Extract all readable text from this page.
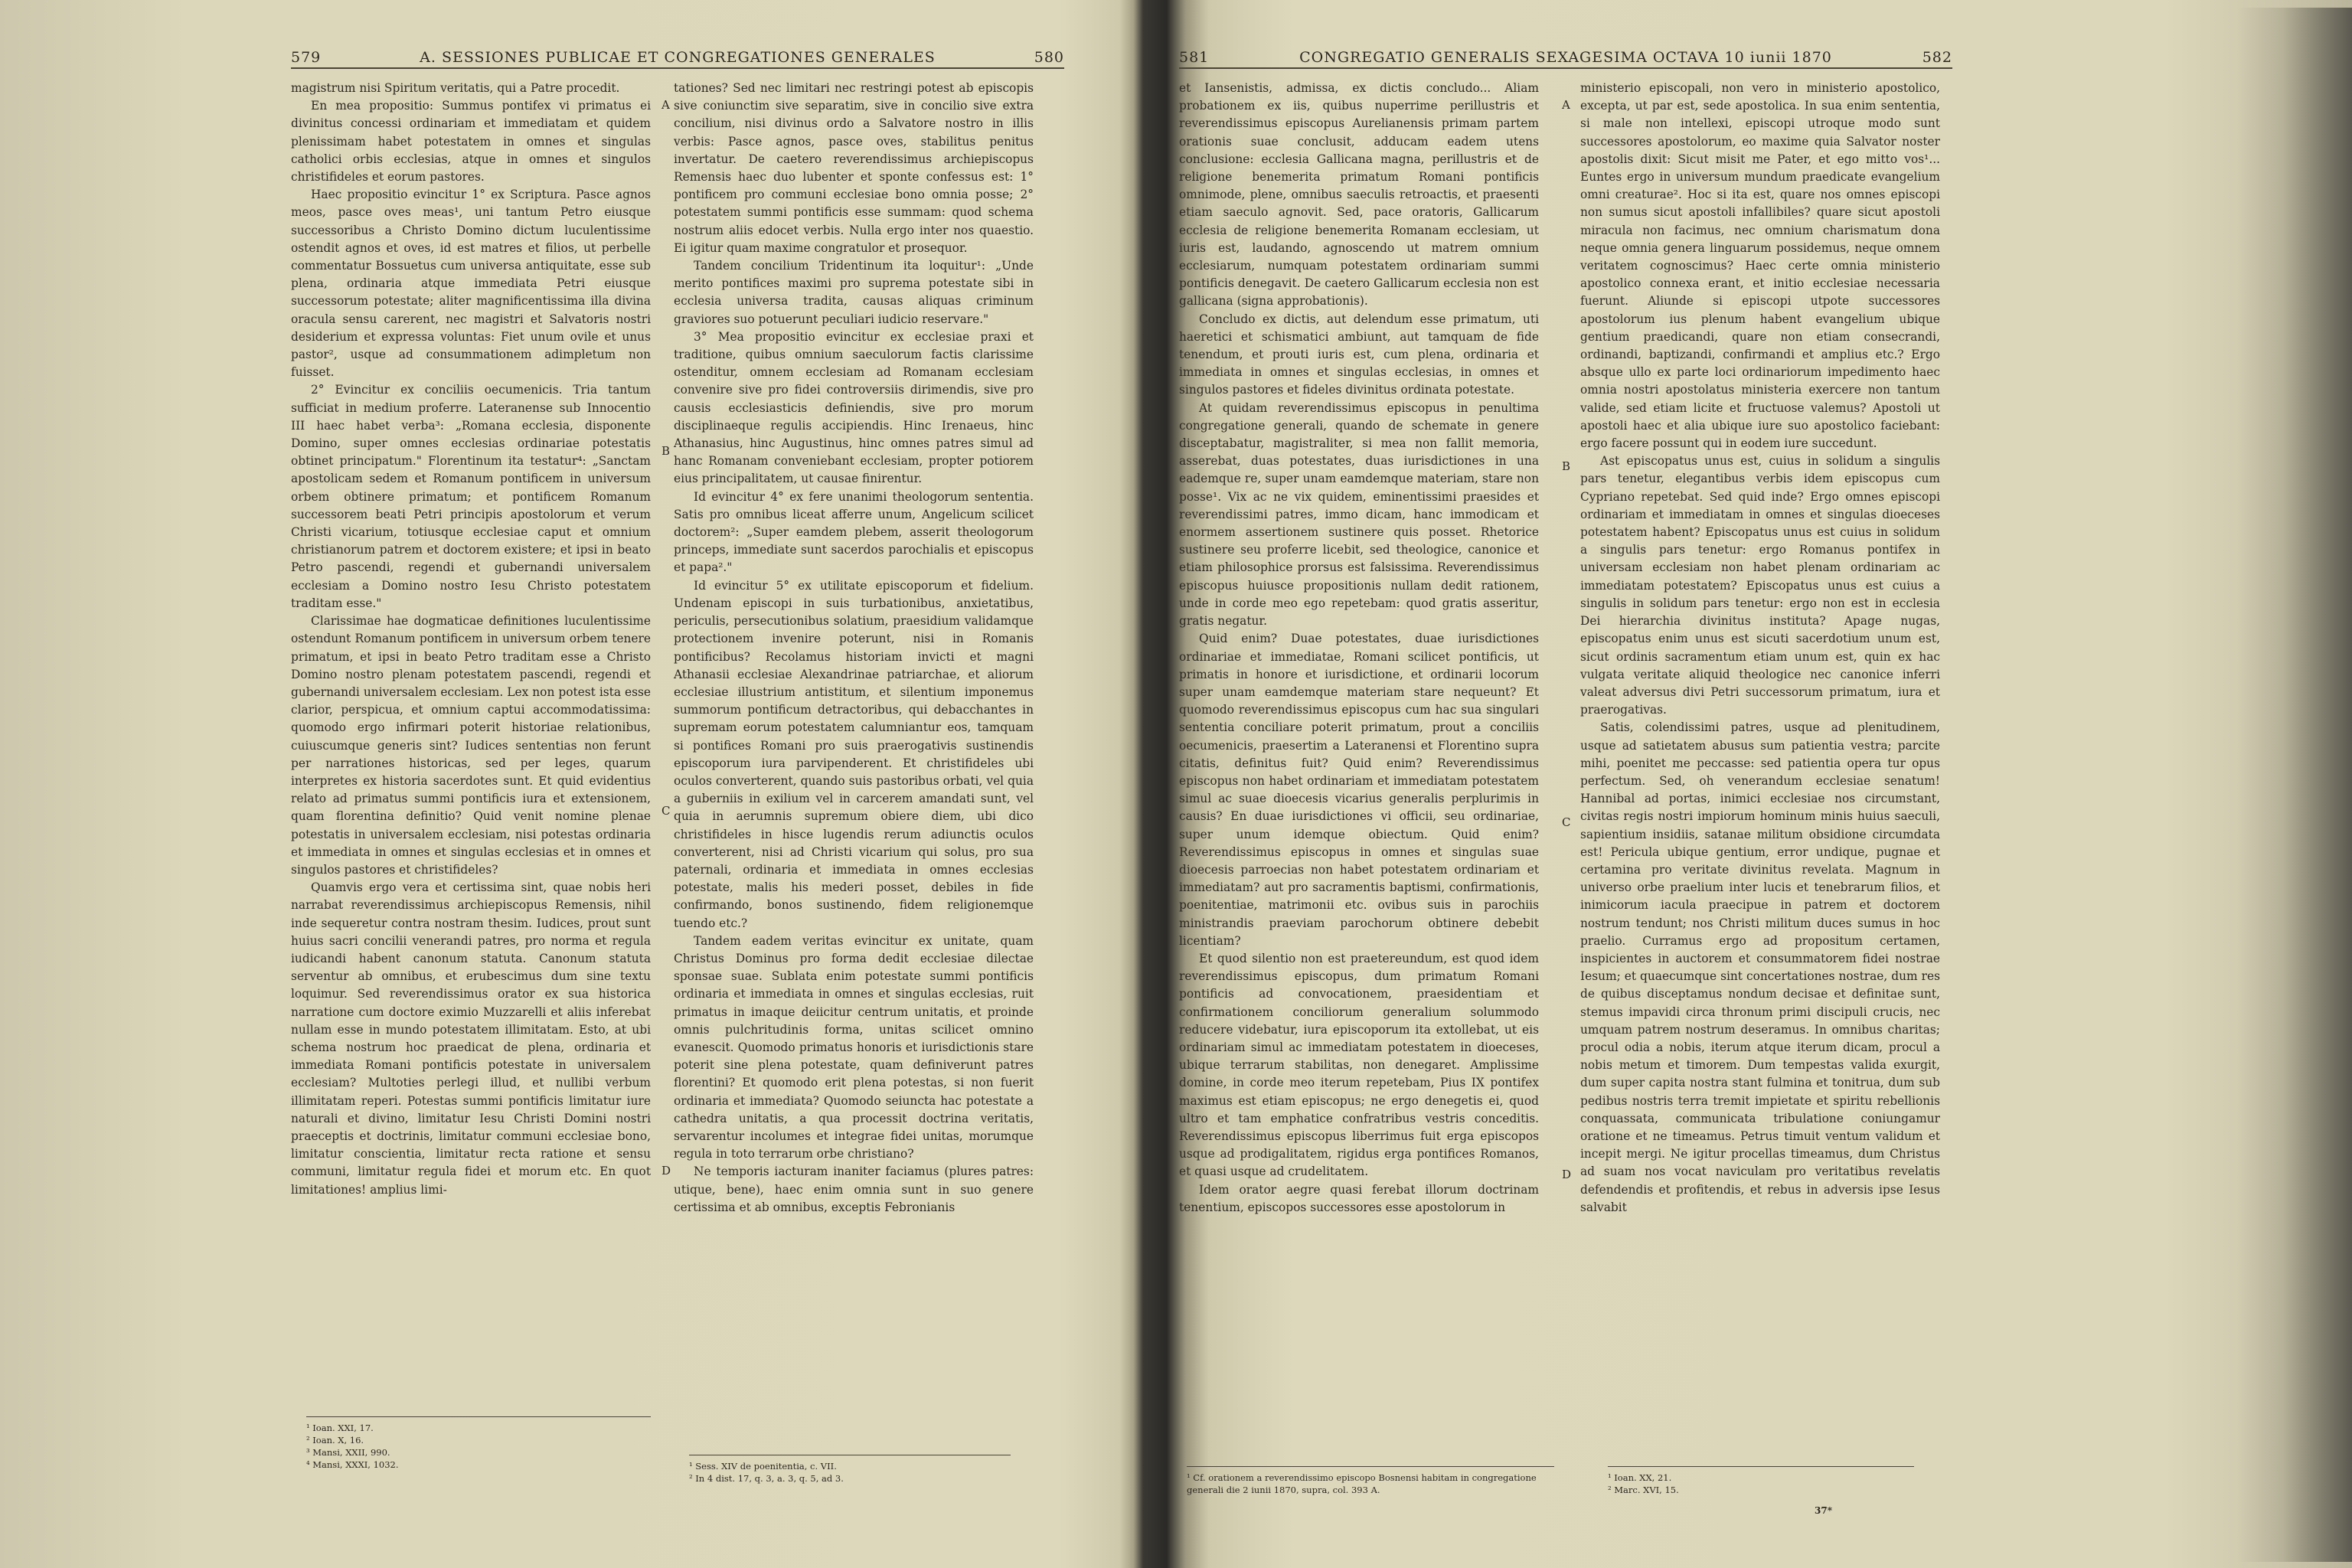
579	A. SESSIONES PUBLICAE ET CONGREGATIONES GENERALES	580

magistrum nisi Spiritum veritatis, qui a Patre procedit.

En mea propositio: Summus pontifex vi primatus ei divinitus concessi ordinariam et immediatam et quidem plenissimam habet potestatem in omnes et singulas catholici orbis ecclesias, atque in omnes et singulos christifideles et eorum pastores.

Haec propositio evincitur 1° ex Scriptura. Pasce agnos meos, pasce oves meas¹, uni tantum Petro eiusque successoribus a Christo Domino dictum luculentissime ostendit agnos et oves, id est matres et filios, ut perbelle commentatur Bossuetus cum universa antiquitate, esse sub plena, ordinaria atque immediata Petri eiusque successorum potestate; aliter magnificentissima illa divina oracula sensu carerent, nec magistri et Salvatoris nostri desiderium et expressa voluntas: Fiet unum ovile et unus pastor², usque ad consummationem adimpletum non fuisset.

2° Evincitur ex conciliis oecumenicis. Tria tantum sufficiat in medium proferre. Lateranense sub Innocentio III haec habet verba³: „Romana ecclesia, disponente Domino, super omnes ecclesias ordinariae potestatis obtinet principatum." Florentinum ita testatur⁴: „Sanctam apostolicam sedem et Romanum pontificem in universum orbem obtinere primatum; et pontificem Romanum successorem beati Petri principis apostolorum et verum Christi vicarium, totiusque ecclesiae caput et omnium christianorum patrem et doctorem existere; et ipsi in beato Petro pascendi, regendi et gubernandi universalem ecclesiam a Domino nostro Iesu Christo potestatem traditam esse."

Clarissimae hae dogmaticae definitiones luculentissime ostendunt Romanum pontificem in universum orbem tenere primatum, et ipsi in beato Petro traditam esse a Christo Domino nostro plenam potestatem pascendi, regendi et gubernandi universalem ecclesiam. Lex non potest ista esse clarior, perspicua, et omnium captui accommodatissima: quomodo ergo infirmari poterit historiae relationibus, cuiuscumque generis sint? Iudices sententias non ferunt per narrationes historicas, sed per leges, quarum interpretes ex historia sacerdotes sunt. Et quid evidentius relato ad primatus summi pontificis iura et extensionem, quam florentina definitio? Quid venit nomine plenae potestatis in universalem ecclesiam, nisi potestas ordinaria et immediata in omnes et singulas ecclesias et in omnes et singulos pastores et christifideles?

Quamvis ergo vera et certissima sint, quae nobis heri narrabat reverendissimus archiepiscopus Remensis, nihil inde sequeretur contra nostram thesim. Iudices, prout sunt huius sacri concilii venerandi patres, pro norma et regula iudicandi habent canonum statuta. Canonum statuta serventur ab omnibus, et erubescimus dum sine textu loquimur. Sed reverendissimus orator ex sua historica narratione cum doctore eximio Muzzarelli et aliis inferebat nullam esse in mundo potestatem illimitatam. Esto, at ubi schema nostrum hoc praedicat de plena, ordinaria et immediata Romani pontificis potestate in universalem ecclesiam? Multoties perlegi illud, et nullibi verbum illimitatam reperi. Potestas summi pontificis limitatur iure naturali et divino, limitatur Iesu Christi Domini nostri praeceptis et doctrinis, limitatur communi ecclesiae bono, limitatur conscientia, limitatur recta ratione et sensu communi, limitatur regula fidei et morum etc. En quot limitationes! amplius limi-

¹ Ioan. XXI, 17.
² Ioan. X, 16.
³ Mansi, XXII, 990.
⁴ Mansi, XXXI, 1032.
A
B
C
D

tationes? Sed nec limitari nec restringi potest ab episcopis sive coniunctim sive separatim, sive in concilio sive extra concilium, nisi divinus ordo a Salvatore nostro in illis verbis: Pasce agnos, pasce oves, stabilitus penitus invertatur. De caetero reverendissimus archiepiscopus Remensis haec duo lubenter et sponte confessus est: 1° pontificem pro communi ecclesiae bono omnia posse; 2° potestatem summi pontificis esse summam: quod schema nostrum aliis edocet verbis. Nulla ergo inter nos quaestio. Ei igitur quam maxime congratulor et prosequor.

Tandem concilium Tridentinum ita loquitur¹: „Unde merito pontifices maximi pro suprema potestate sibi in ecclesia universa tradita, causas aliquas criminum graviores suo potuerunt peculiari iudicio reservare."

3° Mea propositio evincitur ex ecclesiae praxi et traditione, quibus omnium saeculorum factis clarissime ostenditur, omnem ecclesiam ad Romanam ecclesiam convenire sive pro fidei controversiis dirimendis, sive pro causis ecclesiasticis definiendis, sive pro morum disciplinaeque regulis accipiendis. Hinc Irenaeus, hinc Athanasius, hinc Augustinus, hinc omnes patres simul ad hanc Romanam conveniebant ecclesiam, propter potiorem eius principalitatem, ut causae finirentur.

Id evincitur 4° ex fere unanimi theologorum sententia. Satis pro omnibus liceat afferre unum, Angelicum scilicet doctorem²: „Super eamdem plebem, asserit theologorum princeps, immediate sunt sacerdos parochialis et episcopus et papa²."

Id evincitur 5° ex utilitate episcoporum et fidelium. Undenam episcopi in suis turbationibus, anxietatibus, periculis, persecutionibus solatium, praesidium validamque protectionem invenire poterunt, nisi in Romanis pontificibus? Recolamus historiam invicti et magni Athanasii ecclesiae Alexandrinae patriarchae, et aliorum ecclesiae illustrium antistitum, et silentium imponemus summorum pontificum detractoribus, qui debacchantes in supremam eorum potestatem calumniantur eos, tamquam si pontifices Romani pro suis praerogativis sustinendis episcoporum iura parvipenderent. Et christifideles ubi oculos converterent, quando suis pastoribus orbati, vel quia a guberniis in exilium vel in carcerem amandati sunt, vel quia in aerumnis supremum obiere diem, ubi dico christifideles in hisce lugendis rerum adiunctis oculos converterent, nisi ad Christi vicarium qui solus, pro sua paternali, ordinaria et immediata in omnes ecclesias potestate, malis his mederi posset, debiles in fide confirmando, bonos sustinendo, fidem religionemque tuendo etc.?

Tandem eadem veritas evincitur ex unitate, quam Christus Dominus pro forma dedit ecclesiae dilectae sponsae suae. Sublata enim potestate summi pontificis ordinaria et immediata in omnes et singulas ecclesias, ruit primatus in imaque deiicitur centrum unitatis, et proinde omnis pulchritudinis forma, unitas scilicet omnino evanescit. Quomodo primatus honoris et iurisdictionis stare poterit sine plena potestate, quam definiverunt patres florentini? Et quomodo erit plena potestas, si non fuerit ordinaria et immediata? Quomodo seiuncta hac potestate a cathedra unitatis, a qua processit doctrina veritatis, servarentur incolumes et integrae fidei unitas, morumque regula in toto terrarum orbe christiano?

Ne temporis iacturam inaniter faciamus (plures patres: utique, bene), haec enim omnia sunt in suo genere certissima et ab omnibus, exceptis Febronianis

¹ Sess. XIV de poenitentia, c. VII.
² In 4 dist. 17, q. 3, a. 3, q. 5, ad 3.
581	CONGREGATIO GENERALIS SEXAGESIMA OCTAVA 10 iunii 1870	582

et Iansenistis, admissa, ex dictis concludo... Aliam probationem ex iis, quibus nuperrime perillustris et reverendissimus episcopus Aurelianensis primam partem orationis suae conclusit, adducam eadem utens conclusione: ecclesia Gallicana magna, perillustris et de religione benemerita primatum Romani pontificis omnimode, plene, omnibus saeculis retroactis, et praesenti etiam saeculo agnovit. Sed, pace oratoris, Gallicarum ecclesia de religione benemerita Romanam ecclesiam, ut iuris est, laudando, agnoscendo ut matrem omnium ecclesiarum, numquam potestatem ordinariam summi pontificis denegavit. De caetero Gallicarum ecclesia non est gallicana (signa approbationis).

Concludo ex dictis, aut delendum esse primatum, uti haeretici et schismatici ambiunt, aut tamquam de fide tenendum, et prouti iuris est, cum plena, ordinaria et immediata in omnes et singulas ecclesias, in omnes et singulos pastores et fideles divinitus ordinata potestate.

At quidam reverendissimus episcopus in penultima congregatione generali, quando de schemate in genere disceptabatur, magistraliter, si mea non fallit memoria, asserebat, duas potestates, duas iurisdictiones in una eademque re, super unam eamdemque materiam, stare non posse¹. Vix ac ne vix quidem, eminentissimi praesides et reverendissimi patres, immo dicam, hanc immodicam et enormem assertionem sustinere quis posset. Rhetorice sustinere seu proferre licebit, sed theologice, canonice et etiam philosophice prorsus est falsissima. Reverendissimus episcopus huiusce propositionis nullam dedit rationem, unde in corde meo ego repetebam: quod gratis asseritur, gratis negatur.

Quid enim? Duae potestates, duae iurisdictiones ordinariae et immediatae, Romani scilicet pontificis, ut primatis in honore et iurisdictione, et ordinarii locorum super unam eamdemque materiam stare nequeunt? Et quomodo reverendissimus episcopus cum hac sua singulari sententia conciliare poterit primatum, prout a conciliis oecumenicis, praesertim a Lateranensi et Florentino supra citatis, definitus fuit? Quid enim? Reverendissimus episcopus non habet ordinariam et immediatam potestatem simul ac suae dioecesis vicarius generalis perplurimis in causis? En duae iurisdictiones vi officii, seu ordinariae, super unum idemque obiectum. Quid enim? Reverendissimus episcopus in omnes et singulas suae dioecesis parroecias non habet potestatem ordinariam et immediatam? aut pro sacramentis baptismi, confirmationis, poenitentiae, matrimonii etc. ovibus suis in parochiis ministrandis praeviam parochorum obtinere debebit licentiam?

Et quod silentio non est praetereundum, est quod idem reverendissimus episcopus, dum primatum Romani pontificis ad convocationem, praesidentiam et confirmationem conciliorum generalium solummodo reducere videbatur, iura episcoporum ita extollebat, ut eis ordinariam simul ac immediatam potestatem in dioeceses, ubique terrarum stabilitas, non denegaret. Amplissime domine, in corde meo iterum repetebam, Pius IX pontifex maximus est etiam episcopus; ne ergo denegetis ei, quod ultro et tam emphatice confratribus vestris conceditis. Reverendissimus episcopus liberrimus fuit erga episcopos usque ad prodigalitatem, rigidus erga pontifices Romanos, et quasi usque ad crudelitatem.

Idem orator aegre quasi ferebat illorum doctrinam tenentium, episcopos successores esse apostolorum in

¹ Cf. orationem a reverendissimo episcopo Bosnensi habitam in congregatione generali die 2 iunii 1870, supra, col. 393 A.
A
B
C
D

ministerio episcopali, non vero in ministerio apostolico, excepta, ut par est, sede apostolica. In sua enim sententia, si male non intellexi, episcopi utroque modo sunt successores apostolorum, eo maxime quia Salvator noster apostolis dixit: Sicut misit me Pater, et ego mitto vos¹... Euntes ergo in universum mundum praedicate evangelium omni creaturae². Hoc si ita est, quare nos omnes episcopi non sumus sicut apostoli infallibiles? quare sicut apostoli miracula non facimus, nec omnium charismatum dona neque omnia genera linguarum possidemus, neque omnem veritatem cognoscimus? Haec certe omnia ministerio apostolico connexa erant, et initio ecclesiae necessaria fuerunt. Aliunde si episcopi utpote successores apostolorum ius plenum habent evangelium ubique gentium praedicandi, quare non etiam consecrandi, ordinandi, baptizandi, confirmandi et amplius etc.? Ergo absque ullo ex parte loci ordinariorum impedimento haec omnia nostri apostolatus ministeria exercere non tantum valide, sed etiam licite et fructuose valemus? Apostoli ut apostoli haec et alia ubique iure suo apostolico faciebant: ergo facere possunt qui in eodem iure succedunt.

Ast episcopatus unus est, cuius in solidum a singulis pars tenetur, elegantibus verbis idem episcopus cum Cypriano repetebat. Sed quid inde? Ergo omnes episcopi ordinariam et immediatam in omnes et singulas dioeceses potestatem habent? Episcopatus unus est cuius in solidum a singulis pars tenetur: ergo Romanus pontifex in universam ecclesiam non habet plenam ordinariam ac immediatam potestatem? Episcopatus unus est cuius a singulis in solidum pars tenetur: ergo non est in ecclesia Dei hierarchia divinitus instituta? Apage nugas, episcopatus enim unus est sicuti sacerdotium unum est, sicut ordinis sacramentum etiam unum est, quin ex hac vulgata veritate aliquid theologice nec canonice inferri valeat adversus divi Petri successorum primatum, iura et praerogativas.

Satis, colendissimi patres, usque ad plenitudinem, usque ad satietatem abusus sum patientia vestra; parcite mihi, poenitet me peccasse: sed patientia opera tur opus perfectum. Sed, oh venerandum ecclesiae senatum! Hannibal ad portas, inimici ecclesiae nos circumstant, civitas regis nostri impiorum hominum minis huius saeculi, sapientium insidiis, satanae militum obsidione circumdata est! Pericula ubique gentium, error undique, pugnae et certamina pro veritate divinitus revelata. Magnum in universo orbe praelium inter lucis et tenebrarum filios, et inimicorum iacula praecipue in patrem et doctorem nostrum tendunt; nos Christi militum duces sumus in hoc praelio. Curramus ergo ad propositum certamen, inspicientes in auctorem et consummatorem fidei nostrae Iesum; et quaecumque sint concertationes nostrae, dum res de quibus disceptamus nondum decisae et definitae sunt, stemus impavidi circa thronum primi discipuli crucis, nec umquam patrem nostrum deseramus. In omnibus charitas; procul odia a nobis, iterum atque iterum dicam, procul a nobis metum et timorem. Dum tempestas valida exurgit, dum super capita nostra stant fulmina et tonitrua, dum sub pedibus nostris terra tremit impietate et spiritu rebellionis conquassata, communicata tribulatione coniungamur oratione et ne timeamus. Petrus timuit ventum validum et incepit mergi. Ne igitur procellas timeamus, dum Christus ad suam nos vocat naviculam pro veritatibus revelatis defendendis et profitendis, et rebus in adversis ipse Iesus salvabit

¹ Ioan. XX, 21.
² Marc. XVI, 15.
37*
